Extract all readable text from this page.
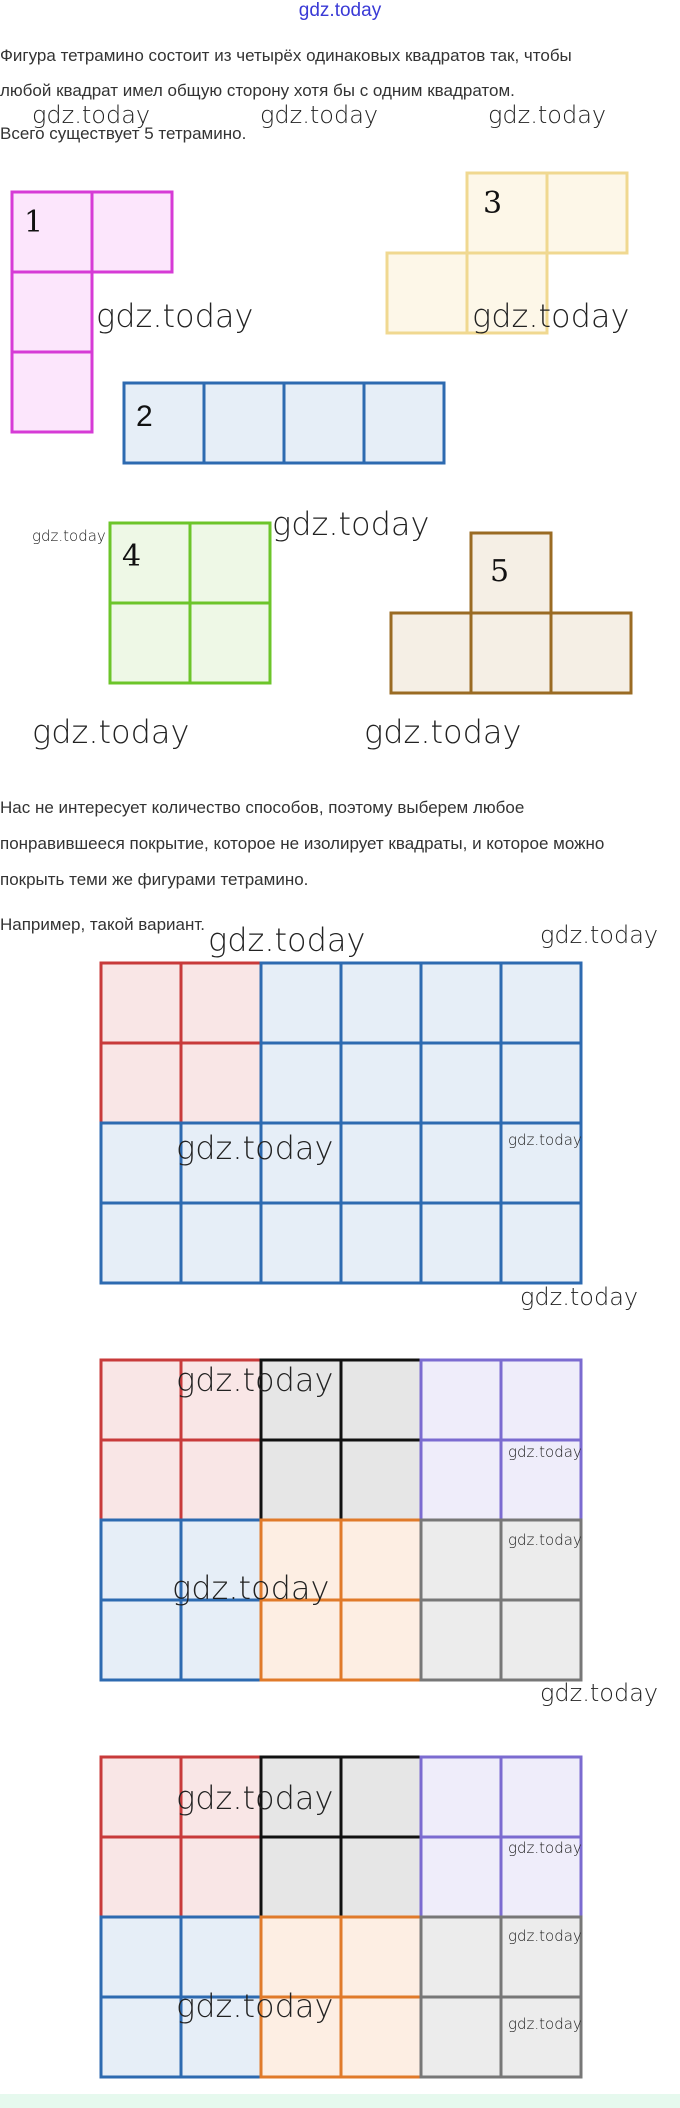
gdz.today
Фигура тетрамино состоит из четырёх одинаковых квадратов так, чтобы
любой квадрат имел общую сторону хотя бы с одним квадратом.
Всего существует 5 тетрамино.
Нас не интересует количество способов, поэтому выберем любое
понравившееся покрытие, которое не изолирует квадраты, и которое можно
покрыть теми же фигурами тетрамино.
Например, такой вариант.
1
3
2
4	5
gdz.today	gdz.today	gdz.today
gdz.today	gdz.today
gdz.today	gdz.today
gdz.today	gdz.today
gdz.today	gdz.today
gdz.today	gdz.today
gdz.today
gdz.today
gdz.today
gdz.today
gdz.today
gdz.today
gdz.today
gdz.today
gdz.today
gdz.today	gdz.today
